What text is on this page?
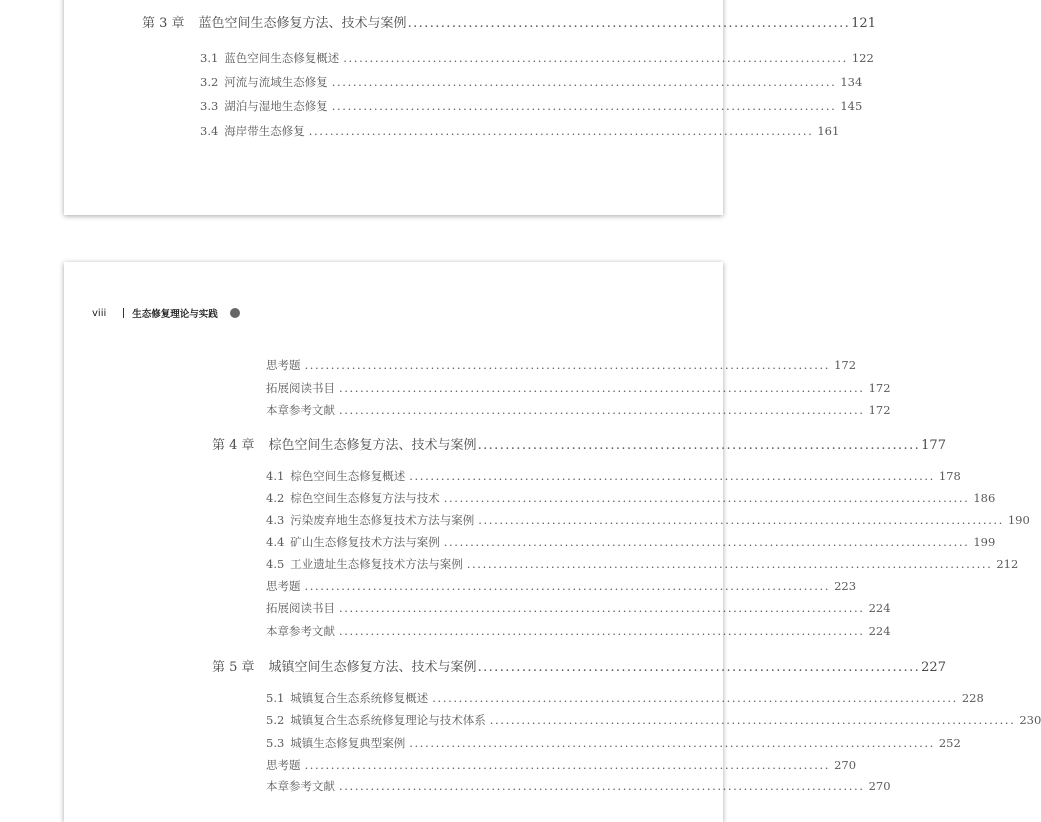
第 3 章 蓝色空间生态修复方法、技术与案例 ................................................................................ 121
3.1 蓝色空间生态修复概述 ................................................................................................ 122
3.2 河流与流域生态修复 ................................................................................................ 134
3.3 湖泊与湿地生态修复 ................................................................................................ 145
3.4 海岸带生态修复 ................................................................................................ 161
viii	生态修复理论与实践
思考题 .................................................................................................... 172
拓展阅读书目 .................................................................................................... 172
本章参考文献 .................................................................................................... 172
第 4 章 棕色空间生态修复方法、技术与案例 ................................................................................ 177
4.1 棕色空间生态修复概述 .................................................................................................... 178
4.2 棕色空间生态修复方法与技术 .................................................................................................... 186
4.3 污染废弃地生态修复技术方法与案例 .................................................................................................... 190
4.4 矿山生态修复技术方法与案例 .................................................................................................... 199
4.5 工业遗址生态修复技术方法与案例 .................................................................................................... 212
思考题 .................................................................................................... 223
拓展阅读书目 .................................................................................................... 224
本章参考文献 .................................................................................................... 224
第 5 章 城镇空间生态修复方法、技术与案例 ................................................................................ 227
5.1 城镇复合生态系统修复概述 .................................................................................................... 228
5.2 城镇复合生态系统修复理论与技术体系 .................................................................................................... 230
5.3 城镇生态修复典型案例 .................................................................................................... 252
思考题 .................................................................................................... 270
本章参考文献 .................................................................................................... 270
